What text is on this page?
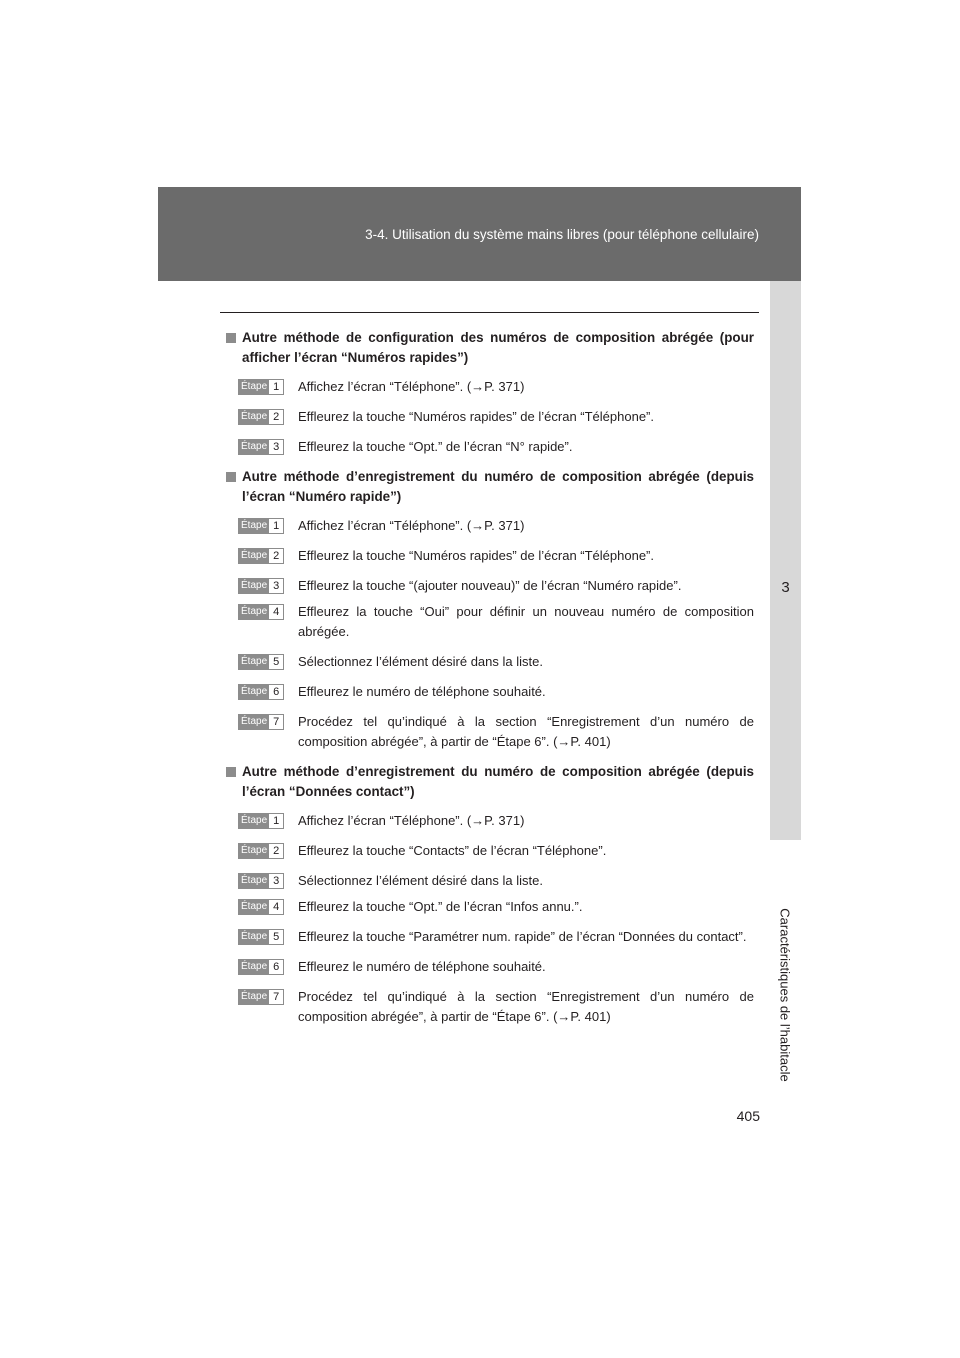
3-4. Utilisation du système mains libres (pour téléphone cellulaire)
3
Caractéristiques de l’habitacle
Autre méthode de configuration des numéros de composition abrégée (pour afficher l’écran “Numéros rapides”)
Étape 1	Affichez l’écran “Téléphone”. (→P. 371)
Étape 2	Effleurez la touche “Numéros rapides” de l’écran “Téléphone”.
Étape 3	Effleurez la touche “Opt.” de l’écran “N° rapide”.
Autre méthode d’enregistrement du numéro de composition abrégée (depuis l’écran “Numéro rapide”)
Étape 1	Affichez l’écran “Téléphone”. (→P. 371)
Étape 2	Effleurez la touche “Numéros rapides” de l’écran “Téléphone”.
Étape 3	Effleurez la touche “(ajouter nouveau)” de l’écran “Numéro rapide”.
Étape 4	Effleurez la touche “Oui” pour définir un nouveau numéro de composition abrégée.
Étape 5	Sélectionnez l’élément désiré dans la liste.
Étape 6	Effleurez le numéro de téléphone souhaité.
Étape 7	Procédez tel qu’indiqué à la section “Enregistrement d’un numéro de composition abrégée”, à partir de “Étape 6”. (→P. 401)
Autre méthode d’enregistrement du numéro de composition abrégée (depuis l’écran “Données contact”)
Étape 1	Affichez l’écran “Téléphone”. (→P. 371)
Étape 2	Effleurez la touche “Contacts” de l’écran “Téléphone”.
Étape 3	Sélectionnez l’élément désiré dans la liste.
Étape 4	Effleurez la touche “Opt.” de l’écran “Infos annu.”.
Étape 5	Effleurez la touche “Paramétrer num. rapide” de l’écran “Données du contact”.
Étape 6	Effleurez le numéro de téléphone souhaité.
Étape 7	Procédez tel qu’indiqué à la section “Enregistrement d’un numéro de composition abrégée”, à partir de “Étape 6”. (→P. 401)
405
